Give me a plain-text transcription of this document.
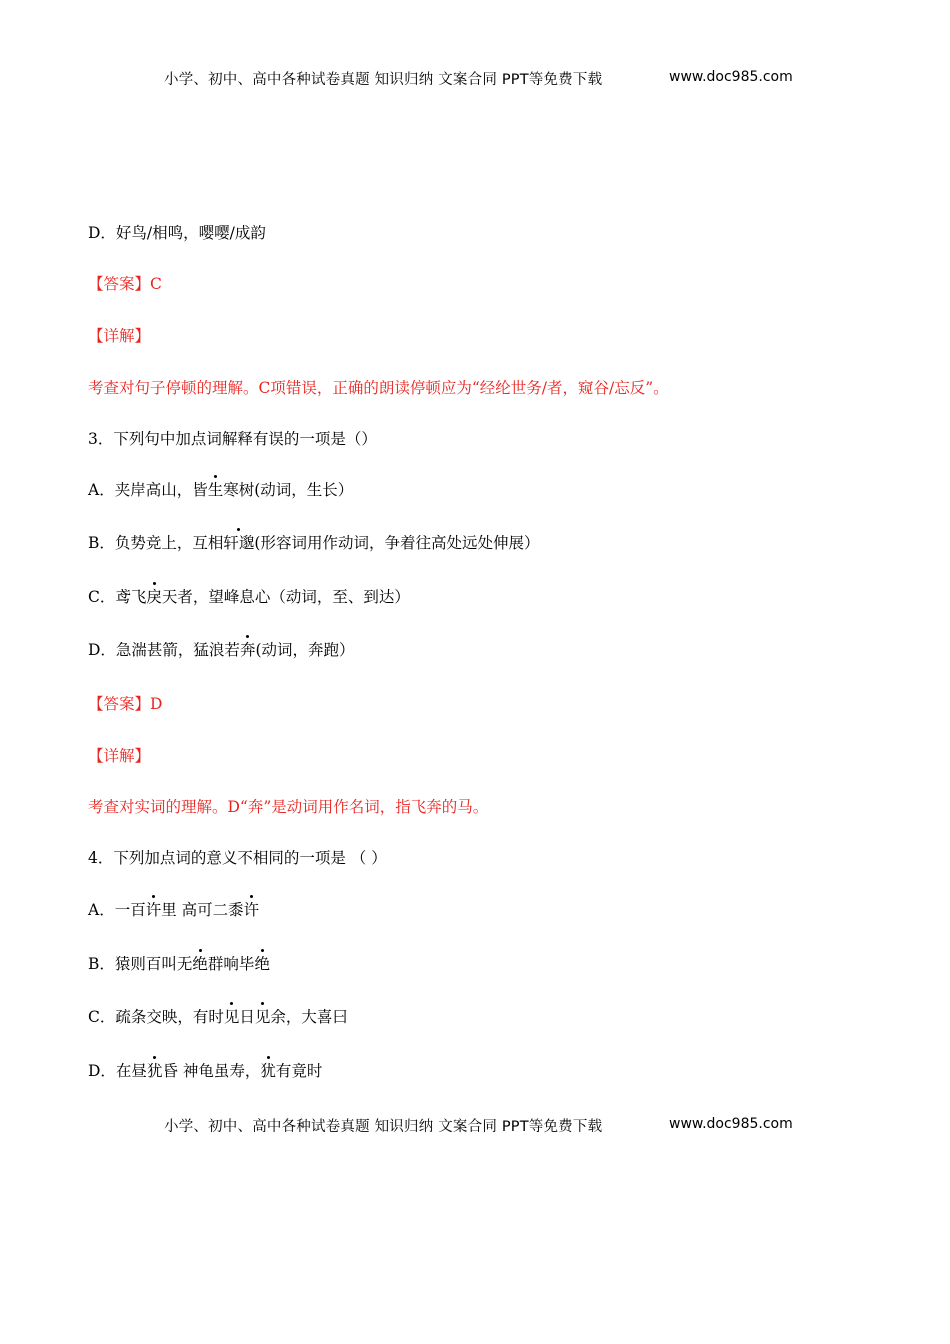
小学、初中、高中各种试卷真题 知识归纳 文案合同 PPT等免费下载	www.doc985.com
D．好鸟/相鸣，嘤嘤/成韵
【答案】C
【详解】
考查对句子停顿的理解。C项错误，正确的朗读停顿应为“经纶世务/者，窥谷/忘反”。
3．下列句中加点词解释有误的一项是（）
A．夹岸高山，皆生寒树(动词，生长）
B．负势竞上，互相轩邈(形容词用作动词，争着往高处远处伸展）
C．鸢飞戾天者，望峰息心（动词，至、到达）
D．急湍甚箭，猛浪若奔(动词，奔跑）
【答案】D
【详解】
考查对实词的理解。D“奔”是动词用作名词，指飞奔的马。
4．下列加点词的意义不相同的一项是 （ ）
A．一百许里 高可二黍许
B．猿则百叫无绝群响毕绝
C．疏条交映，有时见日见余，大喜曰
D．在昼犹昏 神龟虽寿，犹有竟时
小学、初中、高中各种试卷真题 知识归纳 文案合同 PPT等免费下载	www.doc985.com
